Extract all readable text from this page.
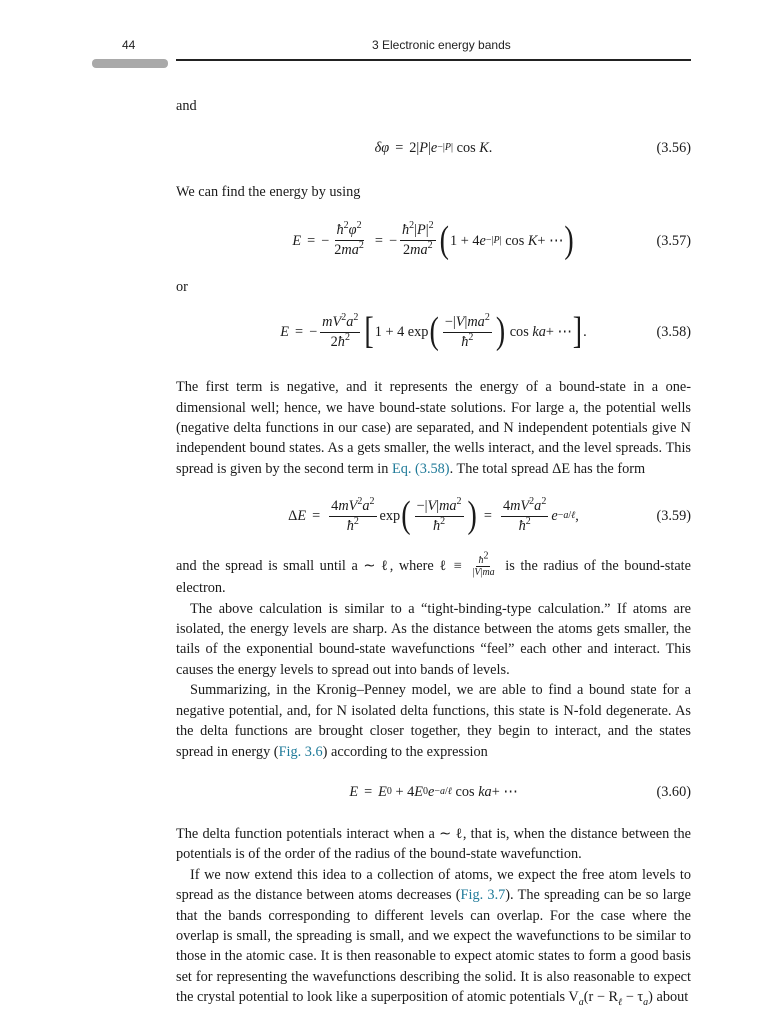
44	3 Electronic energy bands

and

δφ = 2| P | e −|P| cos K .	(3.56)

We can find the energy by using

E = − $\frac{ħ^2\varphi^2}{2ma^2}$ = − $\frac{ħ^2|P|^2}{2ma^2}$ ( 1 + 4 e −|P| cos K + ⋯ )	(3.57)

or

E = − $\frac{mV^2a^2}{2ħ^2}$ [ 1 + 4 exp ( $\frac{-|V|ma^2}{ħ^2}$ ) cos ka + ⋯ ] .	(3.58)

The first term is negative, and it represents the energy of a bound-state in a one-dimensional well; hence, we have bound-state solutions. For large a, the potential wells (negative delta functions in our case) are separated, and N independent potentials give N independent bound states. As a gets smaller, the wells interact, and the level spreads. This spread is given by the second term in Eq. (3.58). The total spread ΔE has the form

Δ $E = \frac{4mV^2a^2}{ħ^2}$ exp ( $\frac{-|V|ma^2}{ħ^2}$ ) = $\frac{4mV^2a^2}{ħ^2}$ e −a/ℓ ,	(3.59)

and the spread is small until a ∼ ℓ, where ℓ ≡ $\frac{ħ^2}{|V|ma}$ is the radius of the bound-state electron.

The above calculation is similar to a “tight-binding-type calculation.” If atoms are isolated, the energy levels are sharp. As the distance between the atoms gets smaller, the tails of the exponential bound-state wavefunctions “feel” each other and interact. This causes the energy levels to spread out into bands of levels.

Summarizing, in the Kronig–Penney model, we are able to find a bound state for a negative potential, and, for N isolated delta functions, this state is N-fold degenerate. As the delta functions are brought closer together, they begin to interact, and the states spread in energy (Fig. 3.6) according to the expression

E = E 0 + 4 E 0 e −a/ℓ cos ka + ⋯	(3.60)

The delta function potentials interact when a ∼ ℓ, that is, when the distance between the potentials is of the order of the radius of the bound-state wavefunction.

If we now extend this idea to a collection of atoms, we expect the free atom levels to spread as the distance between atoms decreases (Fig. 3.7). The spreading can be so large that the bands corresponding to different levels can overlap. For the case where the overlap is small, the spreading is small, and we expect the wavefunctions to be similar to those in the atomic case. It is then reasonable to expect atomic states to form a good basis set for representing the wavefunctions describing the solid. It is also reasonable to expect the crystal potential to look like a superposition of atomic potentials $V_a(r - R_\ell - \tau_a)$ about
